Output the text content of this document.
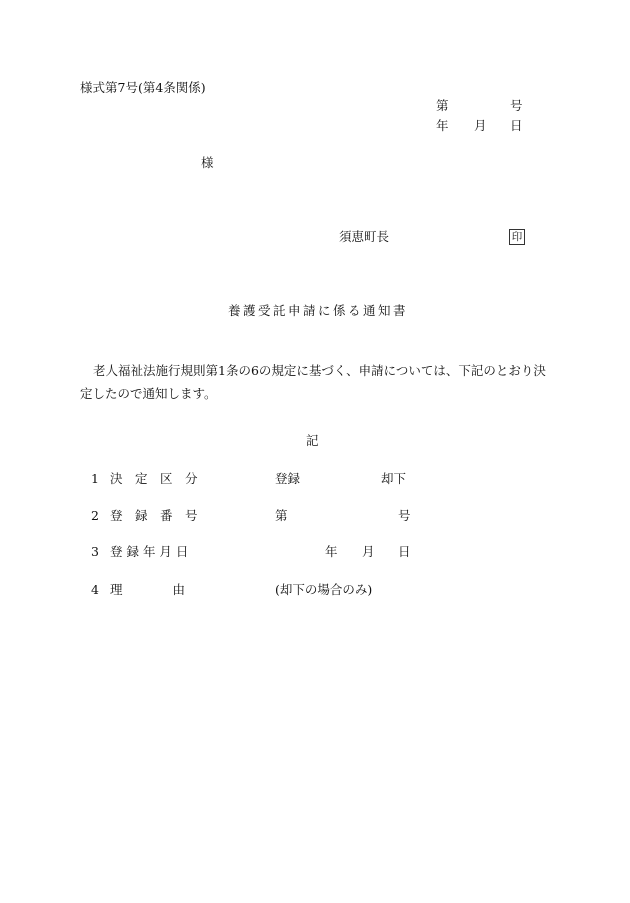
様式第7号(第4条関係)
第	号
年 月 日
様
須恵町長	印
養護受託申請に係る通知書
老人福祉法施行規則第1条の6の規定に基づく、申請については、下記のとおり決
定したので通知します。
記
1 決　定　区　分	登録	却下
2 登　録　番　号	第	号
3 登 録 年 月 日	年 月 日
4 理　　　　由	(却下の場合のみ)
